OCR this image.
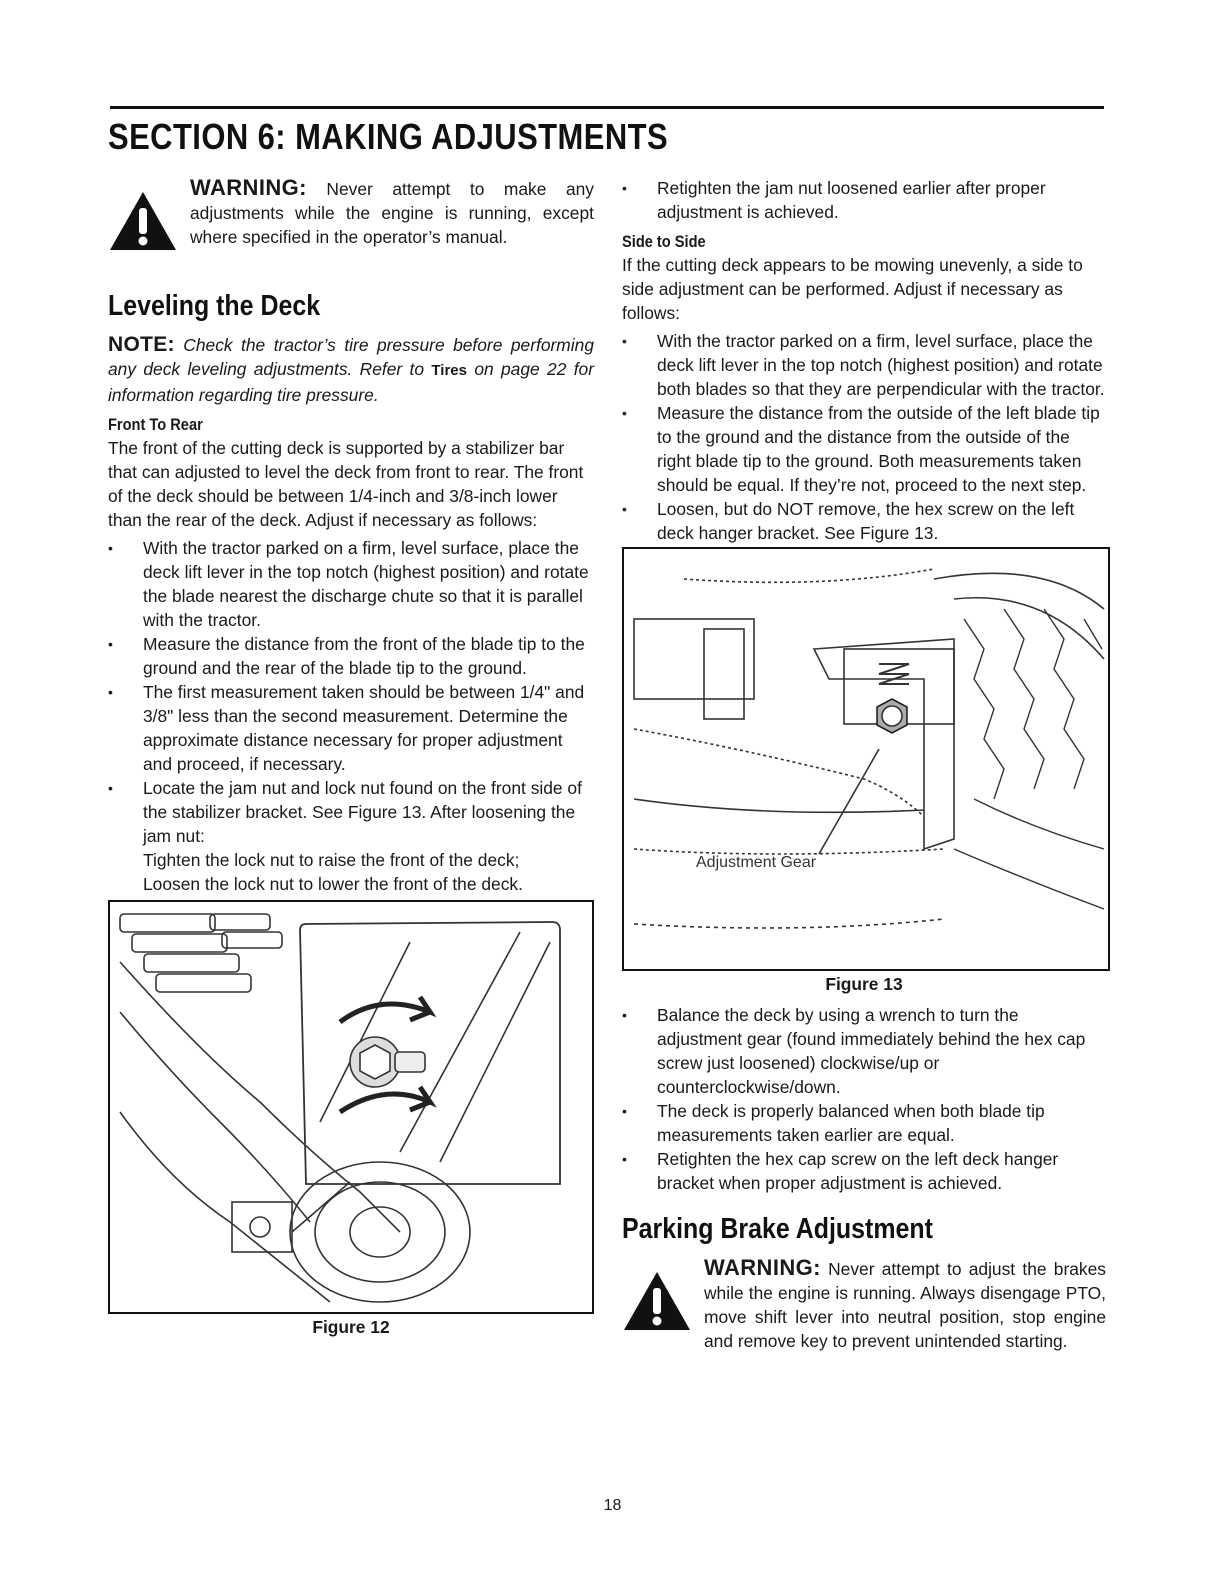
SECTION 6: MAKING ADJUSTMENTS

WARNING: Never attempt to make any adjustments while the engine is running, except where specified in the operator’s manual.

Leveling the Deck

NOTE: Check the tractor’s tire pressure before performing any deck leveling adjustments. Refer to Tires on page 22 for information regarding tire pressure.

Front To Rear

The front of the cutting deck is supported by a stabilizer bar that can adjusted to level the deck from front to rear. The front of the deck should be between 1/4-inch and 3/8-inch lower than the rear of the deck. Adjust if necessary as follows:

• With the tractor parked on a firm, level surface, place the deck lift lever in the top notch (highest position) and rotate the blade nearest the discharge chute so that it is parallel with the tractor.
• Measure the distance from the front of the blade tip to the ground and the rear of the blade tip to the ground.
• The first measurement taken should be between 1/4" and 3/8" less than the second measurement. Determine the approximate distance necessary for proper adjustment and proceed, if necessary.
• Locate the jam nut and lock nut found on the front side of the stabilizer bracket. See Figure 13. After loosening the jam nut:
Tighten the lock nut to raise the front of the deck;
Loosen the lock nut to lower the front of the deck.
Figure 12
• Retighten the jam nut loosened earlier after proper adjustment is achieved.
Side to Side

If the cutting deck appears to be mowing unevenly, a side to side adjustment can be performed. Adjust if necessary as follows:

• With the tractor parked on a firm, level surface, place the deck lift lever in the top notch (highest position) and rotate both blades so that they are perpendicular with the tractor.
• Measure the distance from the outside of the left blade tip to the ground and the distance from the outside of the right blade tip to the ground. Both measurements taken should be equal. If they’re not, proceed to the next step.
• Loosen, but do NOT remove, the hex screw on the left deck hanger bracket. See Figure 13.
Adjustment Gear
Figure 13
• Balance the deck by using a wrench to turn the adjustment gear (found immediately behind the hex cap screw just loosened) clockwise/up or counterclockwise/down.
• The deck is properly balanced when both blade tip measurements taken earlier are equal.
• Retighten the hex cap screw on the left deck hanger bracket when proper adjustment is achieved.
Parking Brake Adjustment

WARNING: Never attempt to adjust the brakes while the engine is running. Always disengage PTO, move shift lever into neutral position, stop engine and remove key to prevent unintended starting.

18
